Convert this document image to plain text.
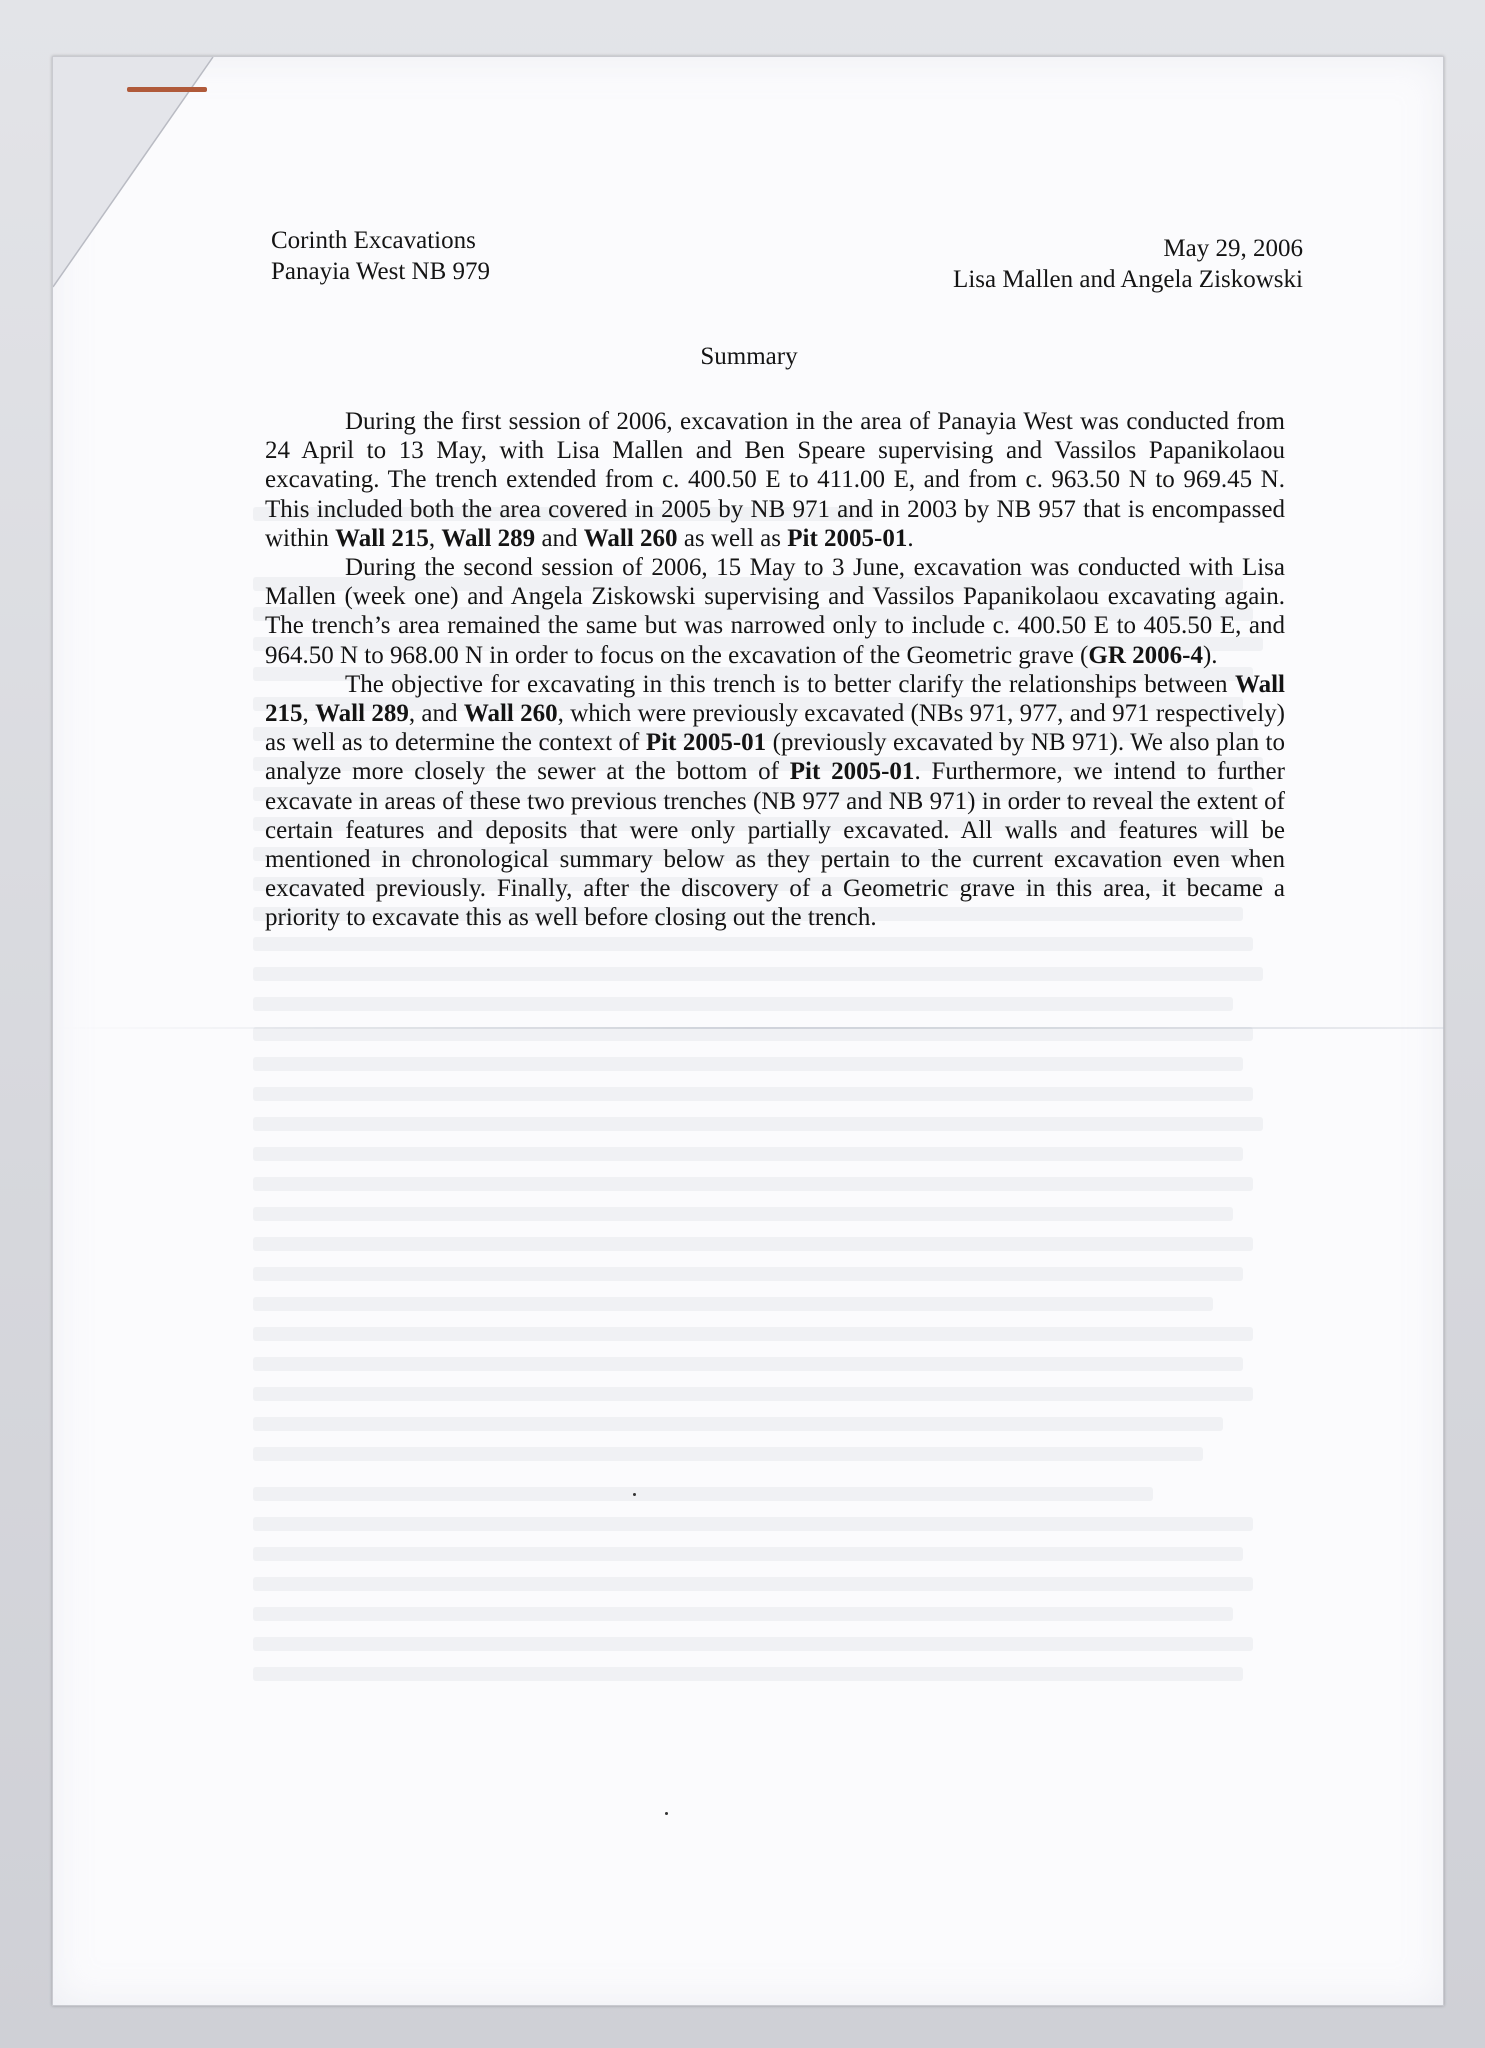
Corinth Excavations
Panayia West NB 979
May 29, 2006
Lisa Mallen and Angela Ziskowski
Summary

During the first session of 2006, excavation in the area of Panayia West was conducted from 24 April to 13 May, with Lisa Mallen and Ben Speare supervising and Vassilos Papanikolaou excavating. The trench extended from c. 400.50 E to 411.00 E, and from c. 963.50 N to 969.45 N. This included both the area covered in 2005 by NB 971 and in 2003 by NB 957 that is encompassed within Wall 215, Wall 289 and Wall 260 as well as Pit 2005-01.

During the second session of 2006, 15 May to 3 June, excavation was conducted with Lisa Mallen (week one) and Angela Ziskowski supervising and Vassilos Papanikolaou excavating again. The trench’s area remained the same but was narrowed only to include c. 400.50 E to 405.50 E, and 964.50 N to 968.00 N in order to focus on the excavation of the Geometric grave (GR 2006-4).

The objective for excavating in this trench is to better clarify the relationships between Wall 215, Wall 289, and Wall 260, which were previously excavated (NBs 971, 977, and 971 respectively) as well as to determine the context of Pit 2005-01 (previously excavated by NB 971). We also plan to analyze more closely the sewer at the bottom of Pit 2005-01. Furthermore, we intend to further excavate in areas of these two previous trenches (NB 977 and NB 971) in order to reveal the extent of certain features and deposits that were only partially excavated. All walls and features will be mentioned in chronological summary below as they pertain to the current excavation even when excavated previously. Finally, after the discovery of a Geometric grave in this area, it became a priority to excavate this as well before closing out the trench.
